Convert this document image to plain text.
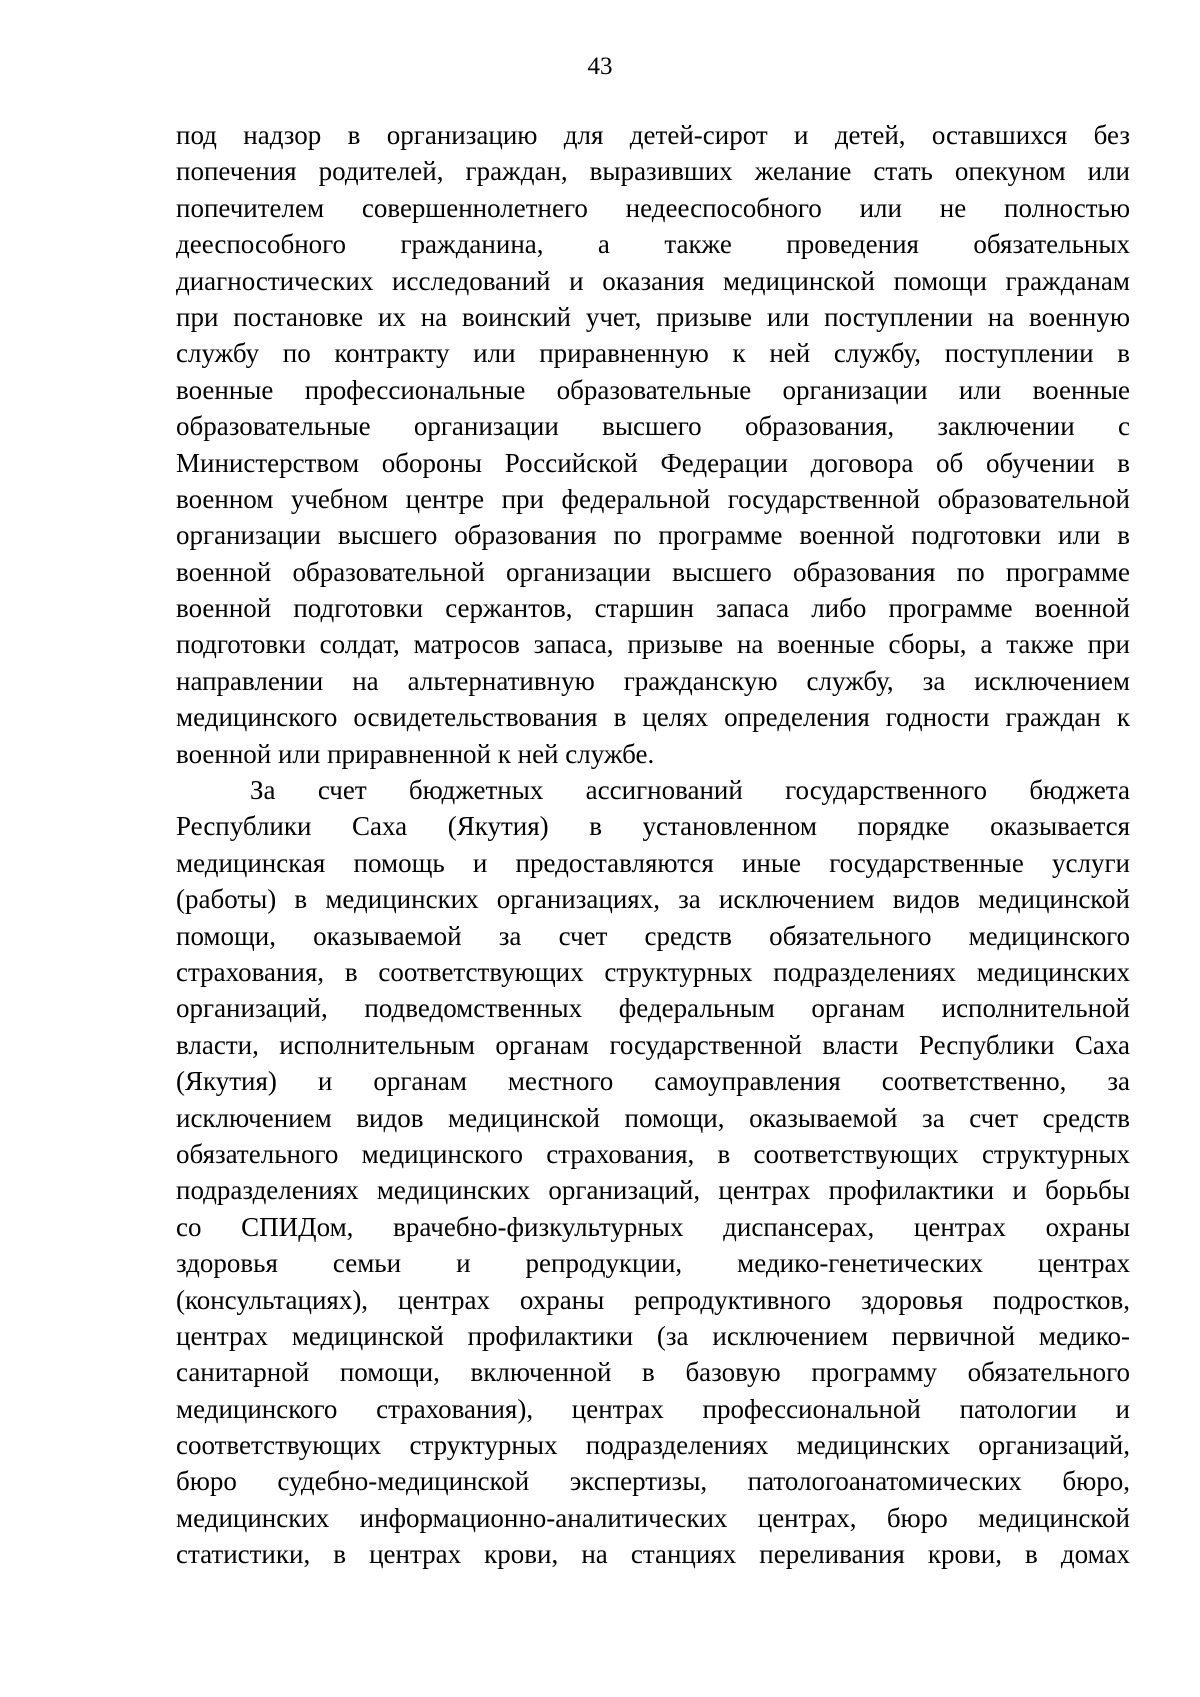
43

под надзор в организацию для детей-сирот и детей, оставшихся без
попечения родителей, граждан, выразивших желание стать опекуном или
попечителем совершеннолетнего недееспособного или не полностью
дееспособного гражданина, а также проведения обязательных
диагностических исследований и оказания медицинской помощи гражданам
при постановке их на воинский учет, призыве или поступлении на военную
службу по контракту или приравненную к ней службу, поступлении в
военные профессиональные образовательные организации или военные
образовательные организации высшего образования, заключении с
Министерством обороны Российской Федерации договора об обучении в
военном учебном центре при федеральной государственной образовательной
организации высшего образования по программе военной подготовки или в
военной образовательной организации высшего образования по программе
военной подготовки сержантов, старшин запаса либо программе военной
подготовки солдат, матросов запаса, призыве на военные сборы, а также при
направлении на альтернативную гражданскую службу, за исключением
медицинского освидетельствования в целях определения годности граждан к
военной или приравненной к ней службе.

За счет бюджетных ассигнований государственного бюджета
Республики Саха (Якутия) в установленном порядке оказывается
медицинская помощь и предоставляются иные государственные услуги
(работы) в медицинских организациях, за исключением видов медицинской
помощи, оказываемой за счет средств обязательного медицинского
страхования, в соответствующих структурных подразделениях медицинских
организаций, подведомственных федеральным органам исполнительной
власти, исполнительным органам государственной власти Республики Саха
(Якутия) и органам местного самоуправления соответственно, за
исключением видов медицинской помощи, оказываемой за счет средств
обязательного медицинского страхования, в соответствующих структурных
подразделениях медицинских организаций, центрах профилактики и борьбы
со СПИДом, врачебно-физкультурных диспансерах, центрах охраны
здоровья семьи и репродукции, медико-генетических центрах
(консультациях), центрах охраны репродуктивного здоровья подростков,
центрах медицинской профилактики (за исключением первичной медико-
санитарной помощи, включенной в базовую программу обязательного
медицинского страхования), центрах профессиональной патологии и
соответствующих структурных подразделениях медицинских организаций,
бюро судебно-медицинской экспертизы, патологоанатомических бюро,
медицинских информационно-аналитических центрах, бюро медицинской
статистики, в центрах крови, на станциях переливания крови, в домах
